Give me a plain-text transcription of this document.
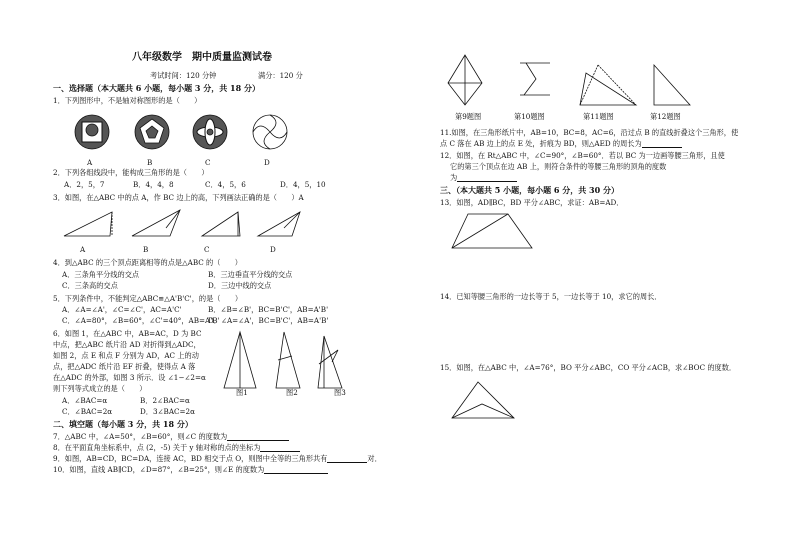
八年级数学　期中质量监测试卷
考试时间：120 分钟	满分：120 分
一、选择题（本大题共 6 小题，每小题 3 分，共 18 分）
1．下列图形中，不是轴对称图形的是（　　）
A	B	C	D
2．下列各组线段中，能构成三角形的是（　　）
A．2，5，7	B．4，4，8	C．4，5，6	D．4，5，10
3．如图，在△ABC 中的点 A，作 BC 边上的高，下列画法正确的是（　　）A
A	B	C	D
4．到△ABC 的三个顶点距离相等的点是△ABC 的（　　）
A．三条角平分线的交点	B．三边垂直平分线的交点
C．三条高的交点	D．三边中线的交点
5．下列条件中，不能判定△ABC≌△A'B'C'，的是（　　）
A．∠A=∠A'，∠C=∠C'，AC=A'C'	B．∠B=∠B'，BC=B'C'，AB=A'B'
C．∠A=80°，∠B=60°，∠C'=40°，AB=A'B'
D．∠A=∠A'，BC=B'C'，AB=A'B'
6．如图 1，在△ABC 中，AB=AC，D 为 BC
中点，把△ABC 纸片沿 AD 对折得到△ADC，
如图 2，点 E 和点 F 分别为 AD，AC 上的动
点，把△ADC 纸片沿 EF 折叠，使得点 A 落
在△ADC 的外部，如图 3 所示．设 ∠1−∠2=α
则下列等式成立的是（　　）
A．∠BAC=α	B．2∠BAC=α
C．∠BAC=2α	D．3∠BAC=2α
图1	图2	图3
二、填空题（每小题 3 分，共 18 分）
7．△ABC 中，∠A=50°，∠B=60°，则∠C 的度数为
8．在平面直角坐标系中，点 (2，-5) 关于 y 轴对称的点的坐标为
9．如图，AB=CD，BC=DA，连接 AC，BD 相交于点 O，则图中全等的三角形共有	对．
10．如图，直线 AB∥CD，∠D=87°，∠B=25°，则∠E 的度数为
第9题图	第10题图	第11题图	第12题图
11.如图，在三角形纸片中，AB=10，BC=8，AC=6，沿过点 B 的直线折叠这个三角形，使
点 C 落在 AB 边上的点 E 处，折痕为 BD，则△AED 的周长为
12．如图，在 Rt△ABC 中，∠C=90°，∠B=60°．若以 BC 为一边画等腰三角形，且使
它的第三个顶点在边 AB 上，则符合条件的等腰三角形的顶角的度数
为
三、（本大题共 5 小题，每小题 6 分，共 30 分）
13．如图，AD∥BC，BD 平分∠ABC，求证：AB=AD．
14．已知等腰三角形的一边长等于 5，一边长等于 10，求它的周长．
15．如图，在△ABC 中，∠A=76°，BO 平分∠ABC，CO 平分∠ACB，求∠BOC 的度数．
